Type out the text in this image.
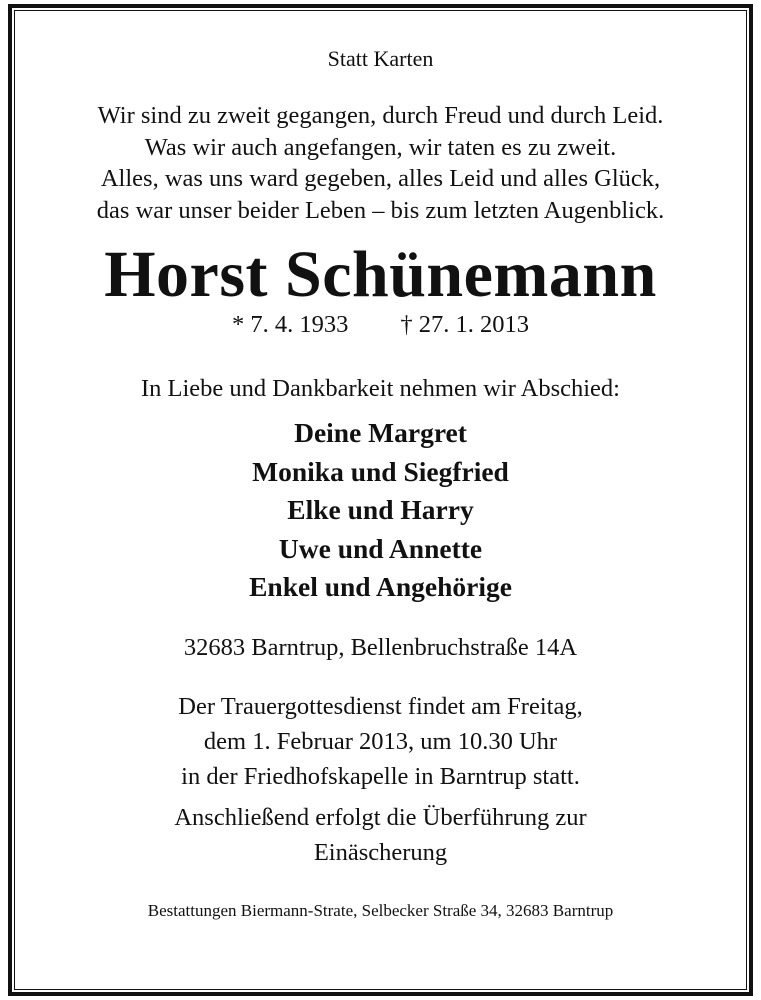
Statt Karten
Wir sind zu zweit gegangen, durch Freud und durch Leid.
Was wir auch angefangen, wir taten es zu zweit.
Alles, was uns ward gegeben, alles Leid und alles Glück,
das war unser beider Leben – bis zum letzten Augenblick.
Horst Schünemann
* 7. 4. 1933 † 27. 1. 2013
In Liebe und Dankbarkeit nehmen wir Abschied:
Deine Margret
Monika und Siegfried
Elke und Harry
Uwe und Annette
Enkel und Angehörige
32683 Barntrup, Bellenbruchstraße 14A
Der Trauergottesdienst findet am Freitag,
dem 1. Februar 2013, um 10.30 Uhr
in der Friedhofskapelle in Barntrup statt.
Anschließend erfolgt die Überführung zur
Einäscherung
Bestattungen Biermann-Strate, Selbecker Straße 34, 32683 Barntrup
